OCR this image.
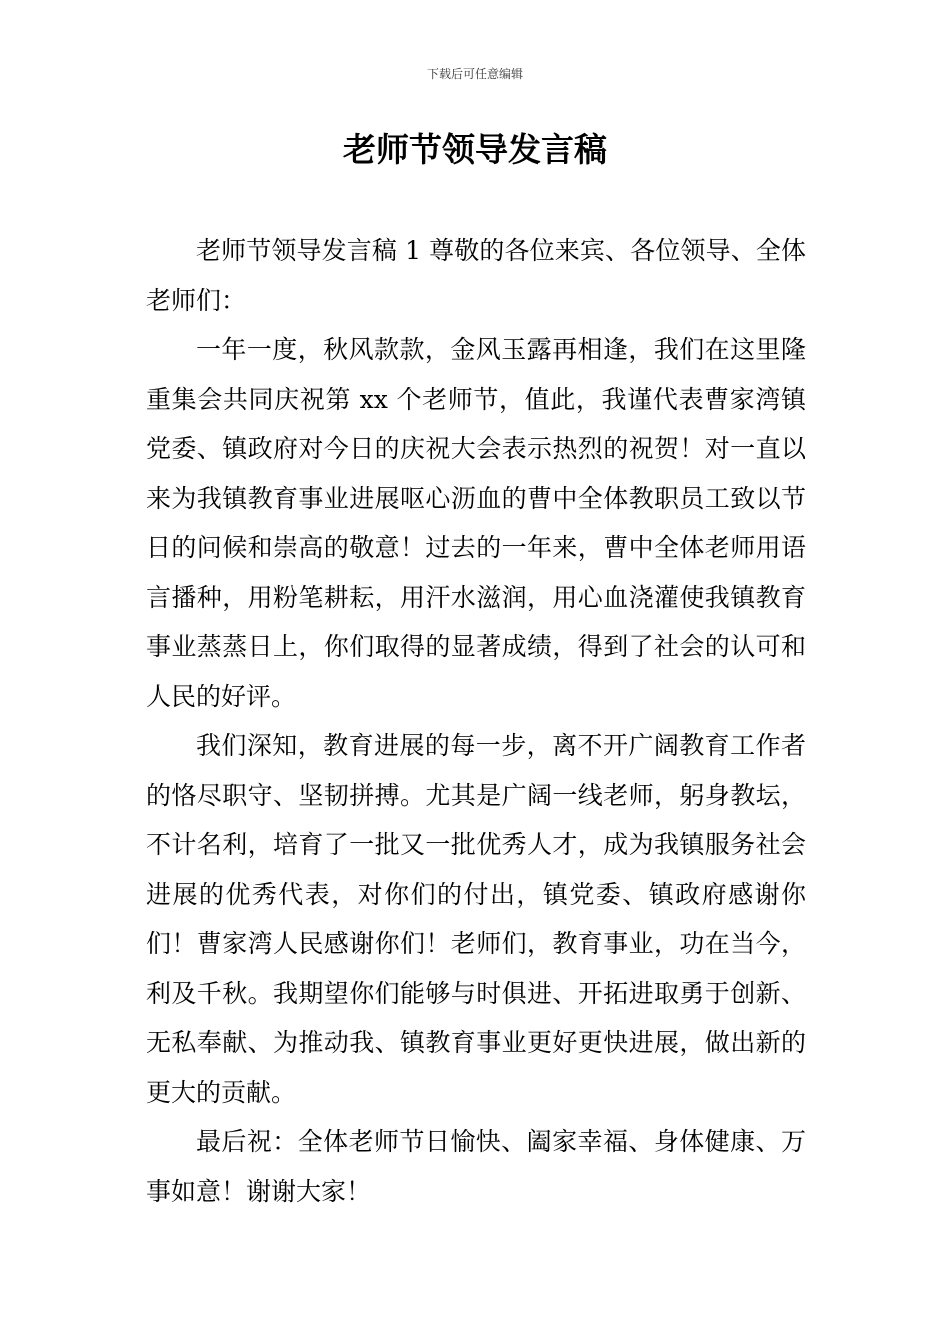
下载后可任意编辑
老师节领导发言稿

老师节领导发言稿 1 尊敬的各位来宾、各位领导、全体老师们：

一年一度，秋风款款，金风玉露再相逢，我们在这里隆重集会共同庆祝第 xx 个老师节，值此，我谨代表曹家湾镇党委、镇政府对今日的庆祝大会表示热烈的祝贺！对一直以来为我镇教育事业进展呕心沥血的曹中全体教职员工致以节日的问候和崇高的敬意！过去的一年来，曹中全体老师用语言播种，用粉笔耕耘，用汗水滋润，用心血浇灌使我镇教育事业蒸蒸日上，你们取得的显著成绩，得到了社会的认可和人民的好评。

我们深知，教育进展的每一步，离不开广阔教育工作者的恪尽职守、坚韧拼搏。尤其是广阔一线老师，躬身教坛，不计名利，培育了一批又一批优秀人才，成为我镇服务社会进展的优秀代表，对你们的付出，镇党委、镇政府感谢你们！曹家湾人民感谢你们！老师们，教育事业，功在当今，利及千秋。我期望你们能够与时俱进、开拓进取勇于创新、无私奉献、为推动我、镇教育事业更好更快进展，做出新的更大的贡献。

最后祝：全体老师节日愉快、阖家幸福、身体健康、万事如意！谢谢大家！
